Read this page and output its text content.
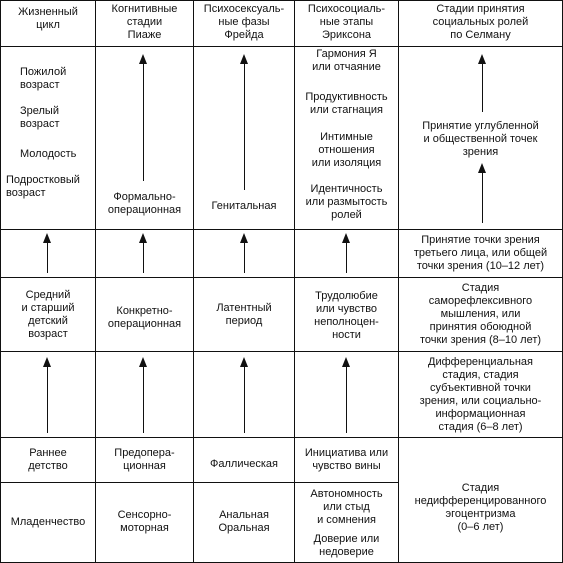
Жизненный
цикл
Когнитивные
стадии
Пиаже
Психосексуаль-
ные фазы
Фрейда
Психосоциаль-
ные этапы
Эриксона
Стадии принятия
социальных ролей
по Селману
Пожилой
возраст
Зрелый
возраст
Молодость
Подростковый
возраст
Средний
и старший
детский
возраст
Раннее
детство
Младенчество
Формально-
операционная
Конкретно-
операционная
Предопера-
ционная
Сенсорно-
моторная
Генитальная
Латентный
период
Фаллическая
Анальная
Оральная
Гармония Я
или отчаяние
Продуктивность
или стагнация
Интимные
отношения
или изоляция
Идентичность
или размытость
ролей
Трудолюбие
или чувство
неполноцен-
ности
Инициатива или
чувство вины
Автономность
или стыд
и сомнения
Доверие или
недоверие
Принятие углубленной
и общественной точек
зрения
Принятие точки зрения
третьего лица, или общей
точки зрения (10–12 лет)
Стадия
саморефлексивного
мышления, или
принятия обоюдной
точки зрения (8–10 лет)
Дифференциальная
стадия, стадия
субъективной точки
зрения, или социально-
информационная
стадия (6–8 лет)
Стадия
недифференцированного
эгоцентризма
(0–6 лет)
